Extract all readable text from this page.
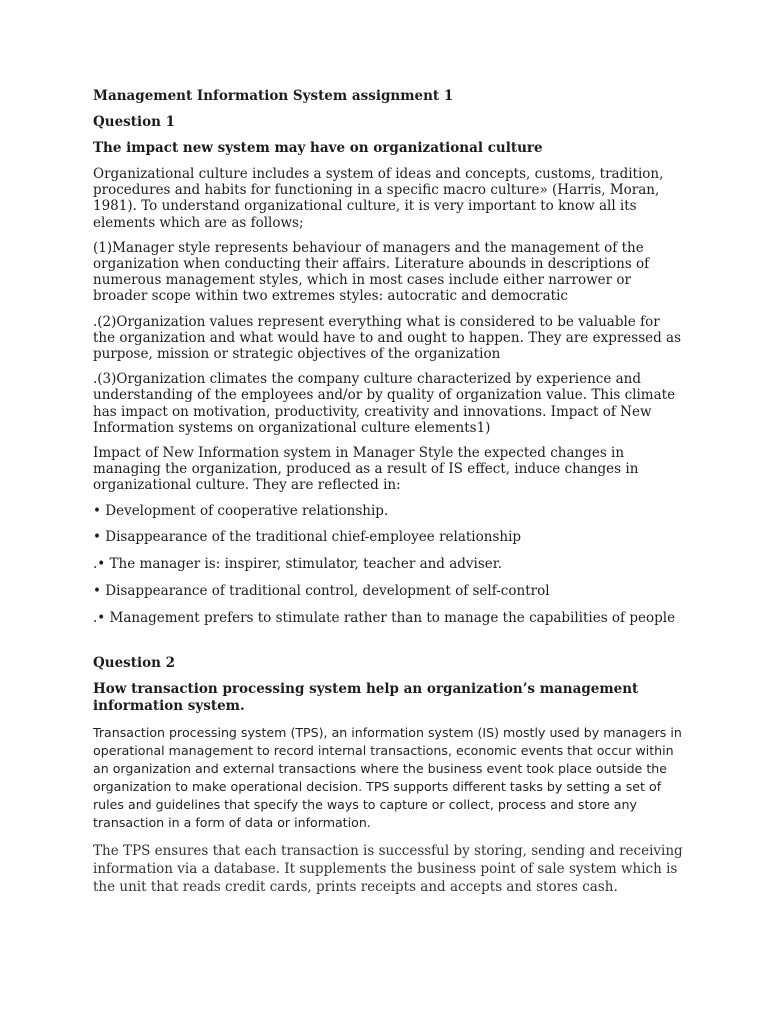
Management Information System assignment 1
Question 1
The impact new system may have on organizational culture

Organizational culture includes a system of ideas and concepts, customs, tradition, procedures and habits for functioning in a specific macro culture» (Harris, Moran, 1981). To understand organizational culture, it is very important to know all its elements which are as follows;

(1)Manager style represents behaviour of managers and the management of the organization when conducting their affairs. Literature abounds in descriptions of numerous management styles, which in most cases include either narrower or broader scope within two extremes styles: autocratic and democratic

.(2)Organization values represent everything what is considered to be valuable for the organization and what would have to and ought to happen. They are expressed as purpose, mission or strategic objectives of the organization

.(3)Organization climates the company culture characterized by experience and understanding of the employees and/or by quality of organization value. This climate has impact on motivation, productivity, creativity and innovations. Impact of New Information systems on organizational culture elements1)

Impact of New Information system in Manager Style the expected changes in managing the organization, produced as a result of IS effect, induce changes in organizational culture. They are reflected in:

• Development of cooperative relationship.
• Disappearance of the traditional chief-employee relationship
.• The manager is: inspirer, stimulator, teacher and adviser.
• Disappearance of traditional control, development of self-control
.• Management prefers to stimulate rather than to manage the capabilities of people
Question 2
How transaction processing system help an organization’s management information system.

Transaction processing system (TPS), an information system (IS) mostly used by managers in operational management to record internal transactions, economic events that occur within an organization and external transactions where the business event took place outside the organization to make operational decision. TPS supports different tasks by setting a set of rules and guidelines that specify the ways to capture or collect, process and store any transaction in a form of data or information.

The TPS ensures that each transaction is successful by storing, sending and receiving information via a database. It supplements the business point of sale system which is the unit that reads credit cards, prints receipts and accepts and stores cash.
